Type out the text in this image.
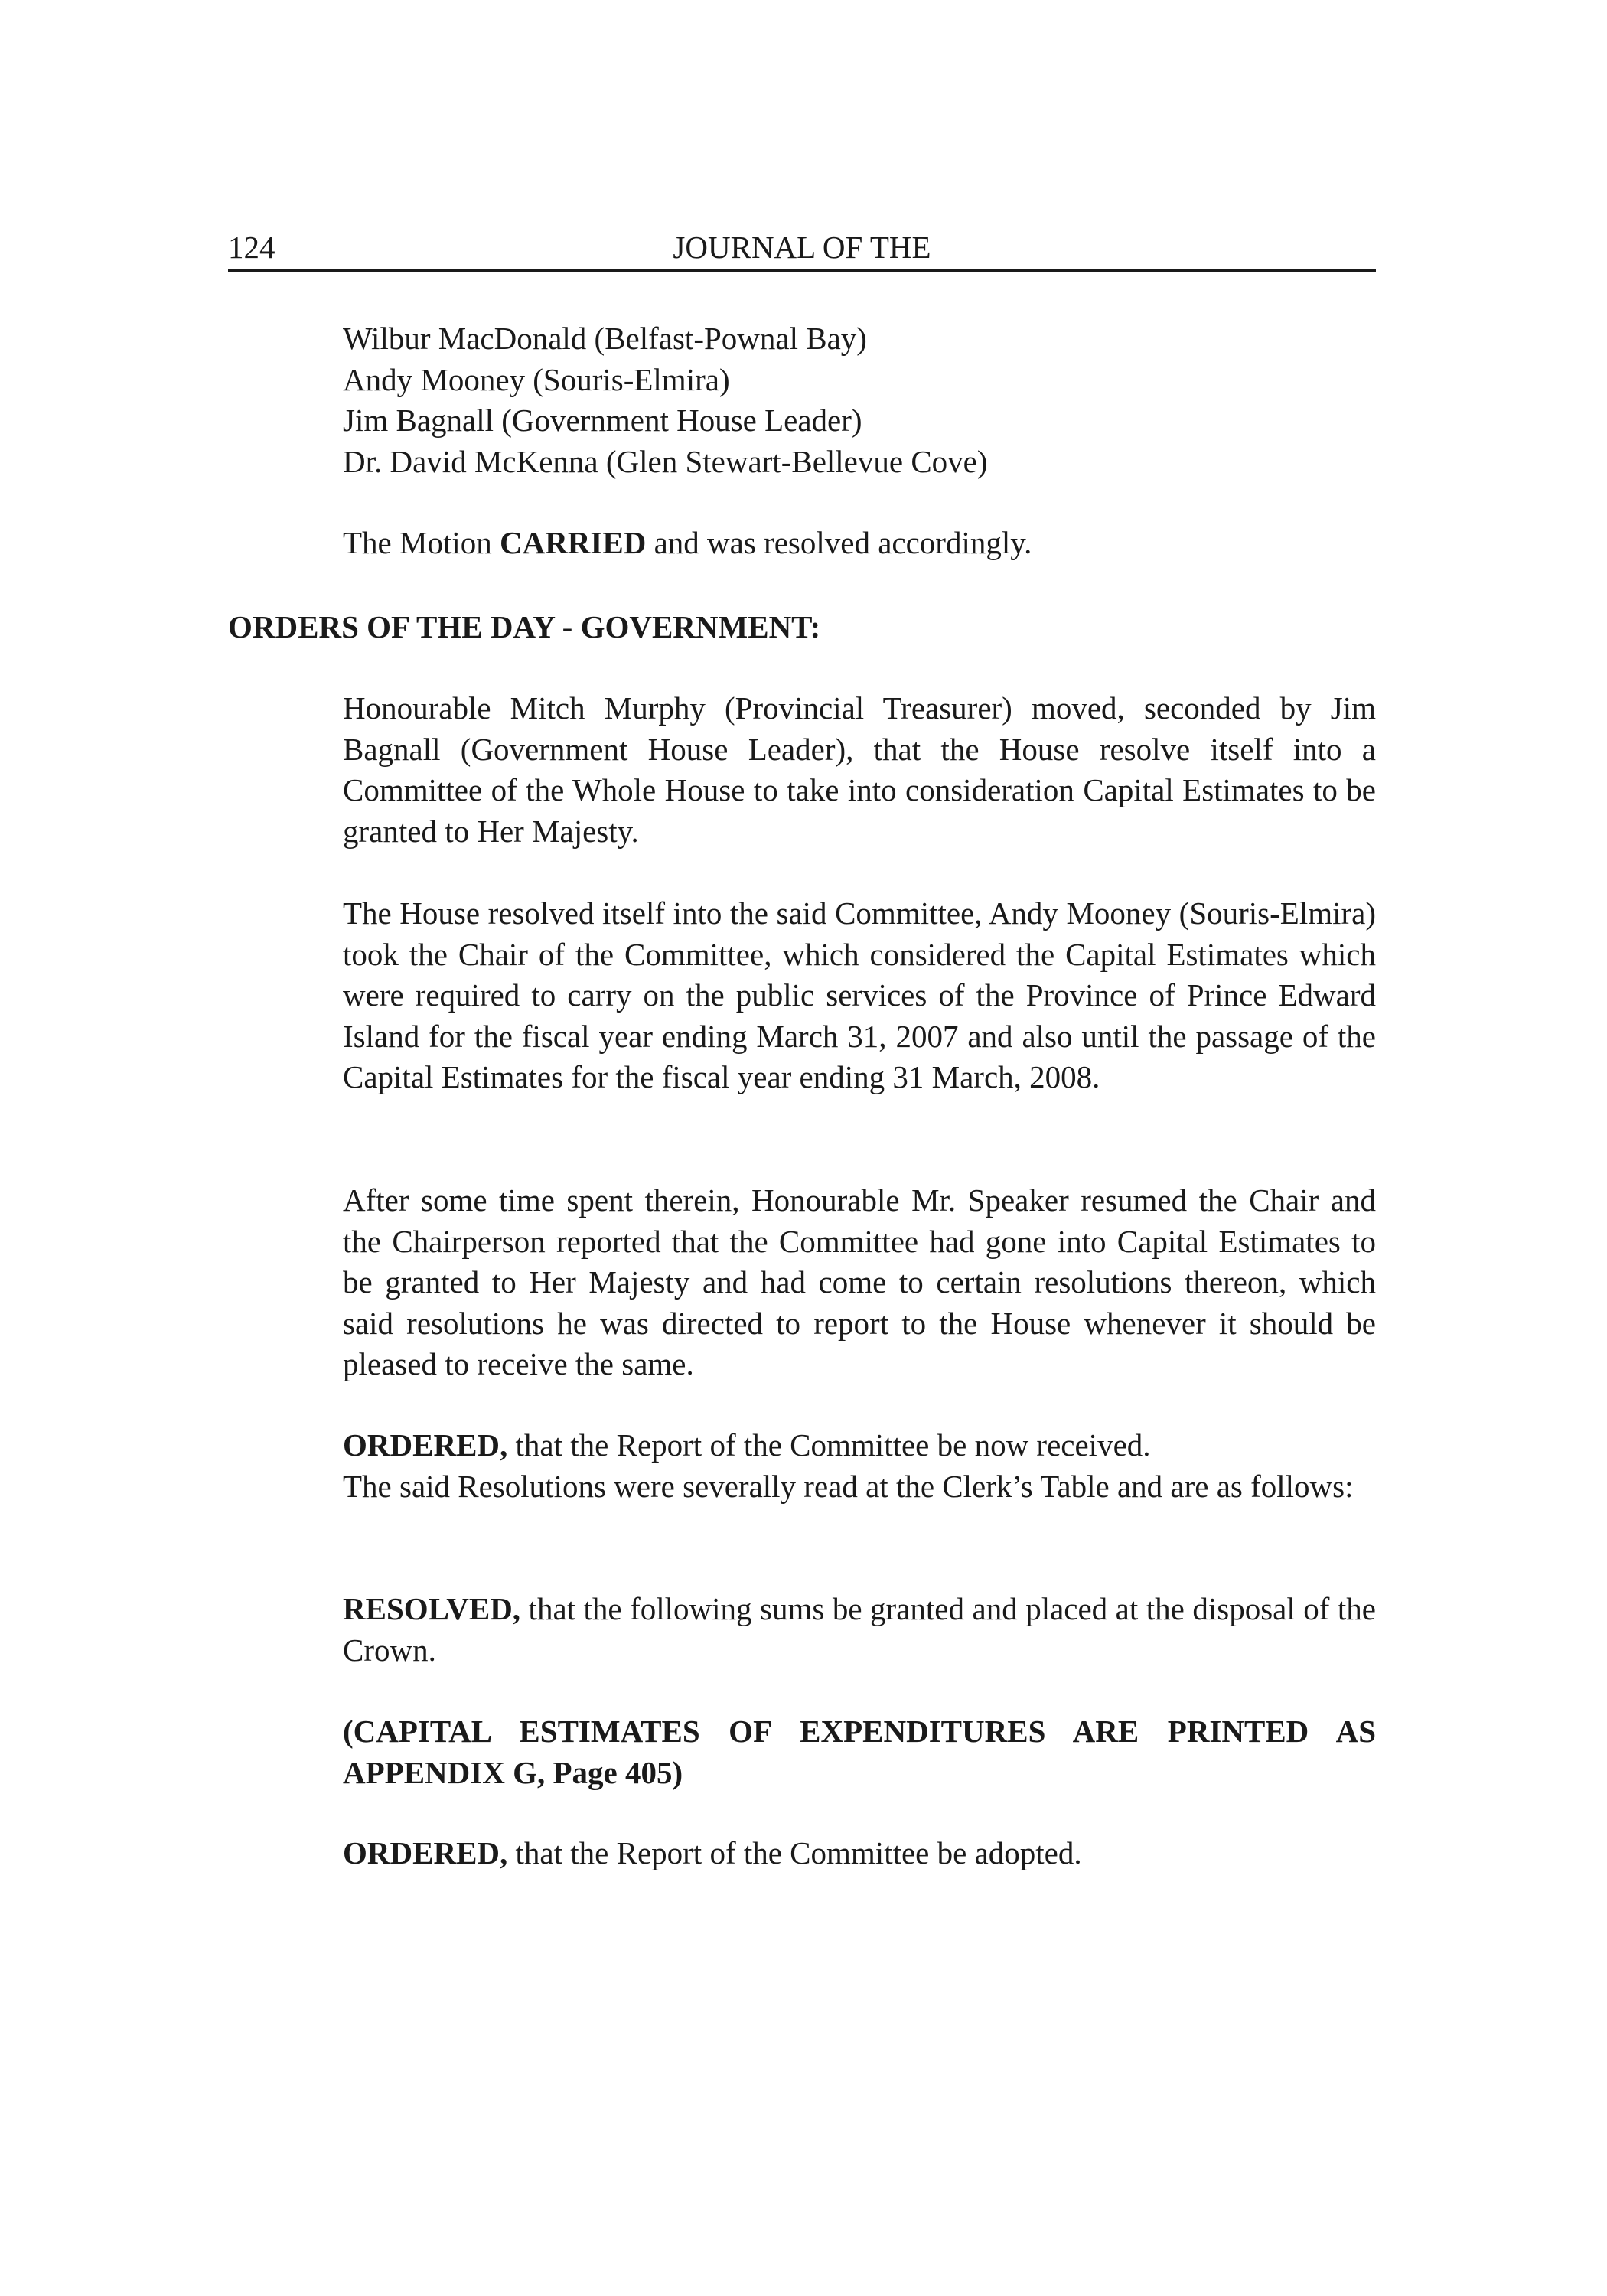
124	JOURNAL OF THE
Wilbur MacDonald (Belfast-Pownal Bay)
Andy Mooney (Souris-Elmira)
Jim Bagnall (Government House Leader)
Dr. David McKenna (Glen Stewart-Bellevue Cove)

The Motion CARRIED and was resolved accordingly.

ORDERS OF THE DAY - GOVERNMENT:

Honourable Mitch Murphy (Provincial Treasurer) moved, seconded by Jim Bagnall (Government House Leader), that the House resolve itself into a Committee of the Whole House to take into consideration Capital Estimates to be granted to Her Majesty.

The House resolved itself into the said Committee, Andy Mooney (Souris-Elmira) took the Chair of the Committee, which considered the Capital Estimates which were required to carry on the public services of the Province of Prince Edward Island for the fiscal year ending March 31, 2007 and also until the passage of the Capital Estimates for the fiscal year ending 31 March, 2008.

After some time spent therein, Honourable Mr. Speaker resumed the Chair and the Chairperson reported that the Committee had gone into Capital Estimates to be granted to Her Majesty and had come to certain resolutions thereon, which said resolutions he was directed to report to the House whenever it should be pleased to receive the same.

ORDERED, that the Report of the Committee be now received.

The said Resolutions were severally read at the Clerk’s Table and are as follows:

RESOLVED, that the following sums be granted and placed at the disposal of the Crown.

(CAPITAL ESTIMATES OF EXPENDITURES ARE PRINTED AS APPENDIX G, Page 405)

ORDERED, that the Report of the Committee be adopted.
